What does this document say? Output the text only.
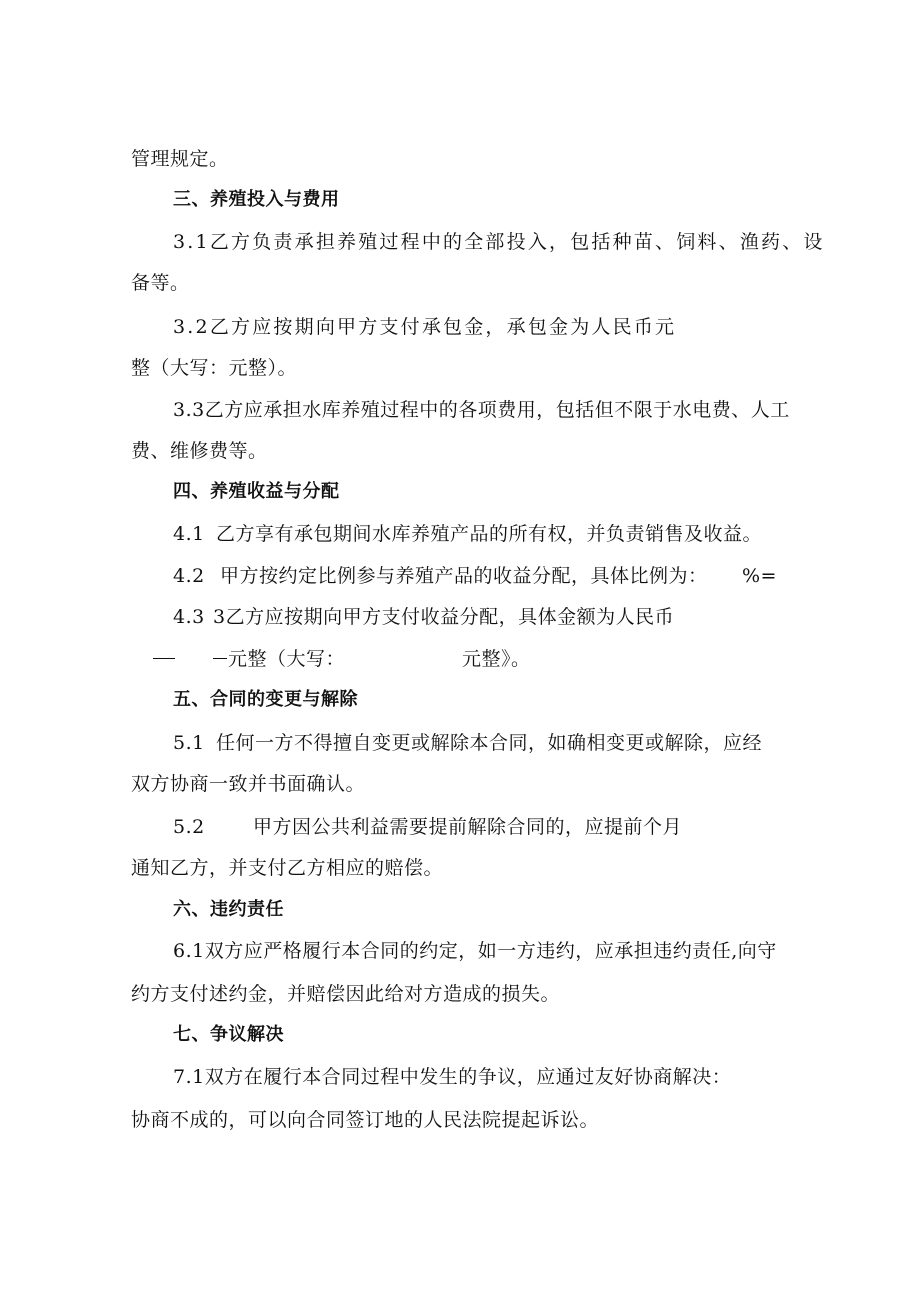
管理规定。
三、养殖投入与费用
3.1乙方负责承担养殖过程中的全部投入，包括种苗、饲料、渔药、设
备等。
3.2乙方应按期向甲方支付承包金，承包金为人民币元
整（大写：元整）。
3.3乙方应承担水库养殖过程中的各项费用，包括但不限于水电费、人工
费、维修费等。
四、养殖收益与分配
4.1 乙方享有承包期间水库养殖产品的所有权，并负责销售及收益。
4.2 甲方按约定比例参与养殖产品的收益分配，具体比例为： %=
4.3 3乙方应按期向甲方支付收益分配，具体金额为人民币
元整（大写：	元整》。
五、合同的变更与解除
5.1 任何一方不得擅自变更或解除本合同，如确相变更或解除，应经
双方协商一致并书面确认。
5.2	甲方因公共利益需要提前解除合同的，应提前个月
通知乙方，并支付乙方相应的赔偿。
六、违约责任
6.1双方应严格履行本合同的约定，如一方违约，应承担违约责任,向守
约方支付述约金，并赔偿因此给对方造成的损失。
七、争议解决
7.1双方在履行本合同过程中发生的争议，应通过友好协商解决：
协商不成的，可以向合同签订地的人民法院提起诉讼。
